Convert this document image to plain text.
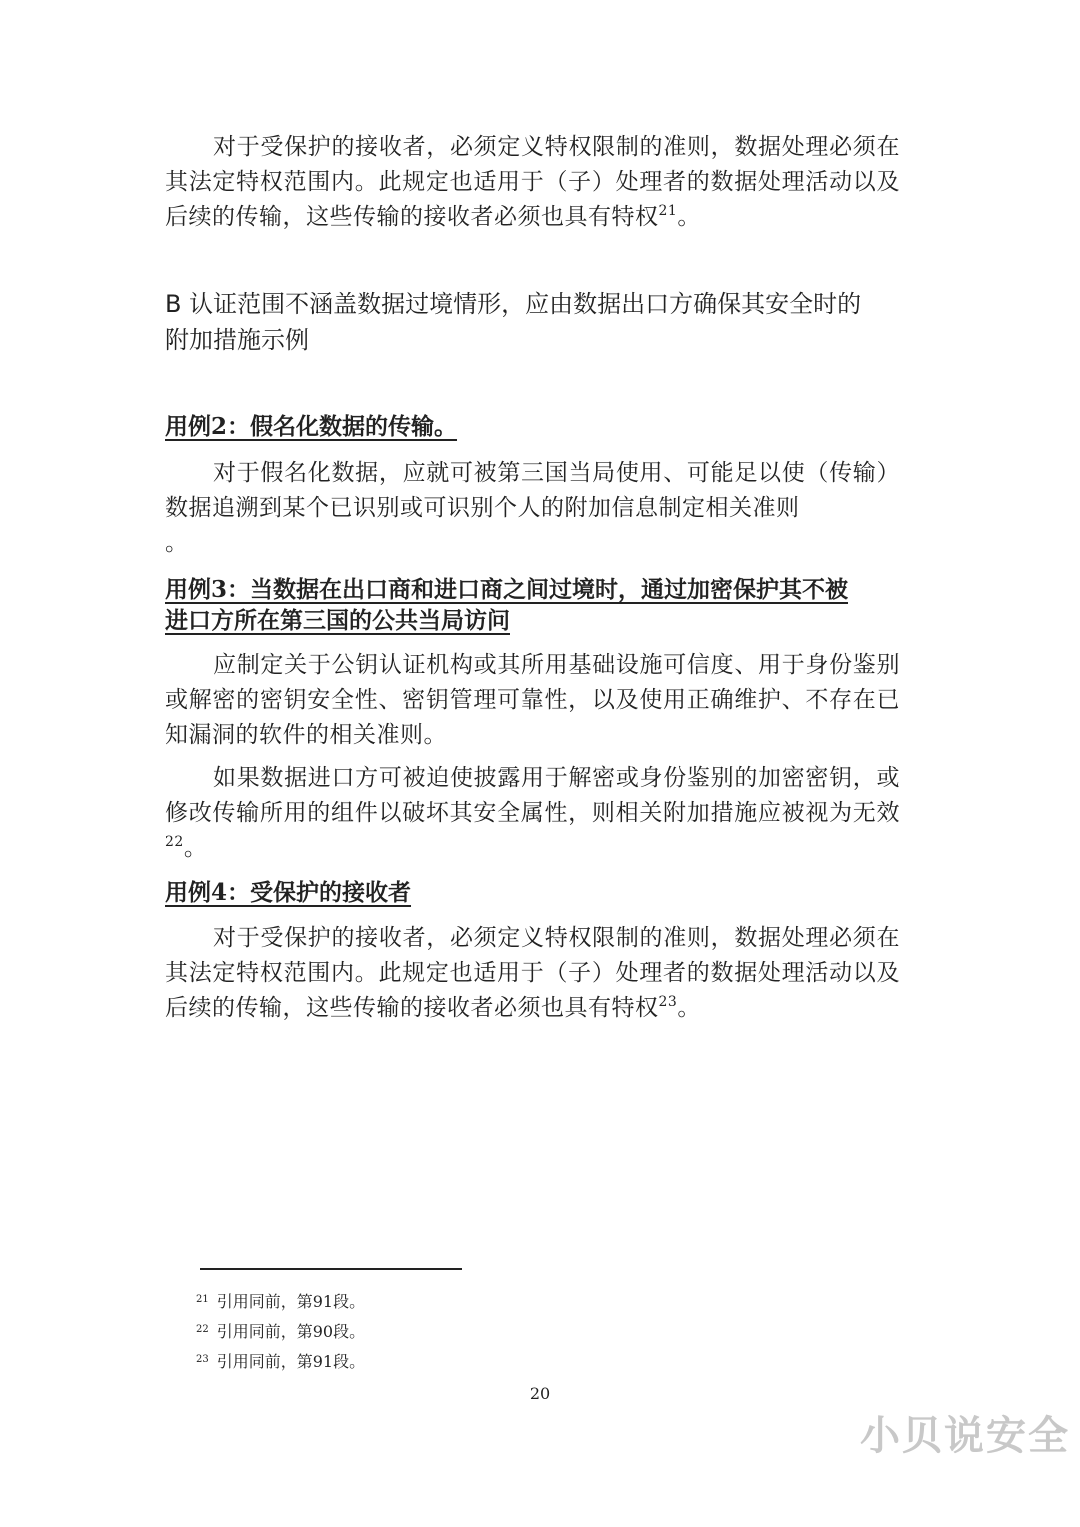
对于受保护的接收者，必须定义特权限制的准则，数据处理必须在其法定特权范围内。此规定也适用于（子）处理者的数据处理活动以及后续的传输，这些传输的接收者必须也具有特权$^{21}$。

B 认证范围不涵盖数据过境情形，应由数据出口方确保其安全时的

附加措施示例

用例2：假名化数据的传输。

对于假名化数据，应就可被第三国当局使用、可能足以使（传输）数据追溯到某个已识别或可识别个人的附加信息制定相关准则
。

用例3：当数据在出口商和进口商之间过境时，通过加密保护其不被

进口方所在第三国的公共当局访问

应制定关于公钥认证机构或其所用基础设施可信度、用于身份鉴别或解密的密钥安全性、密钥管理可靠性，以及使用正确维护、不存在已知漏洞的软件的相关准则。

如果数据进口方可被迫使披露用于解密或身份鉴别的加密密钥，或修改传输所用的组件以破坏其安全属性，则相关附加措施应被视为无效$^{22}$。

用例4：受保护的接收者

对于受保护的接收者，必须定义特权限制的准则，数据处理必须在其法定特权范围内。此规定也适用于（子）处理者的数据处理活动以及后续的传输，这些传输的接收者必须也具有特权$^{23}$。

$^{21}$ 引用同前，第91段。
$^{22}$ 引用同前，第90段。
$^{23}$ 引用同前，第91段。
20
小贝说安全
